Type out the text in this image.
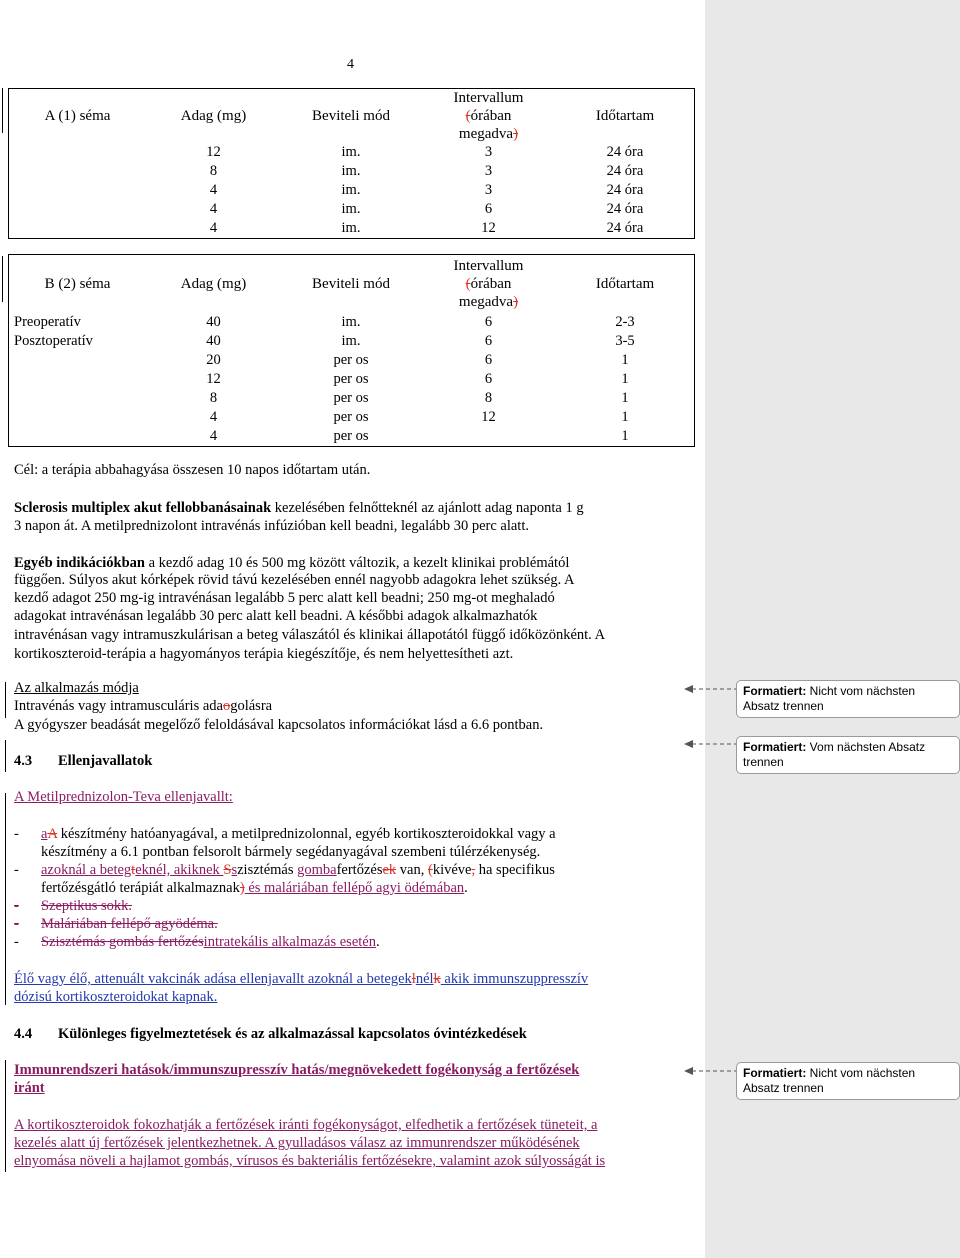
4
A (1) séma	Adag (mg)	Beviteli mód	Intervallum
(órában
megadva)	Időtartam
	12	im.	3	24 óra
	8	im.	3	24 óra
	4	im.	3	24 óra
	4	im.	6	24 óra
	4	im.	12	24 óra
B (2) séma	Adag (mg)	Beviteli mód	Intervallum
(órában
megadva)	Időtartam
Preoperatív	40	im.	6	2-3
Posztoperatív	40	im.	6	3-5
	20	per os	6	1
	12	per os	6	1
	8	per os	8	1
	4	per os	12	1
	4	per os		1
Cél: a terápia abbahagyása összesen 10 napos időtartam után.
Sclerosis multiplex akut fellobbanásainak kezelésében felnőtteknél az ajánlott adag naponta 1 g
3 napon át. A metilprednizolont intravénás infúzióban kell beadni, legalább 30 perc alatt.
Egyéb indikációkban a kezdő adag 10 és 500 mg között változik, a kezelt klinikai problémától
függően. Súlyos akut kórképek rövid távú kezelésében ennél nagyobb adagokra lehet szükség. A
kezdő adagot 250 mg-ig intravénásan legalább 5 perc alatt kell beadni; 250 mg-ot meghaladó
adagokat intravénásan legalább 30 perc alatt kell beadni. A későbbi adagok alkalmazhatók
intravénásan vagy intramuszkulárisan a beteg válaszától és klinikai állapotától függő időközönként. A
kortikoszteroid-terápia a hagyományos terápia kiegészítője, és nem helyettesítheti azt.
Az alkalmazás módja
Intravénás vagy intramusculáris adaogolásra
A gyógyszer beadását megelőző feloldásával kapcsolatos információkat lásd a 6.6 pontban.
4.3 Ellenjavallatok
A Metilprednizolon-Teva ellenjavallt:
- aA készítmény hatóanyagával, a metilprednizolonnal, egyéb kortikoszteroidokkal vagy a
készítmény a 6.1 pontban felsorolt bármely segédanyagával szembeni túlérzékenység.
- azoknál a betegteknél, akiknek Sszisztémás gombafertőzések van, (kivéve, ha specifikus
fertőzésgátló terápiát alkalmaznak) és maláriában fellépő agyi ödémában.
- Szeptikus sokk.
- Maláriában fellépő agyödéma.
- Szisztémás gombás fertőzésintratekális alkalmazás esetén.
Élő vagy élő, attenuált vakcinák adása ellenjavallt azoknál a betegeklnélk akik immunszuppresszív
dózisú kortikoszteroidokat kapnak.
4.4 Különleges figyelmeztetések és az alkalmazással kapcsolatos óvintézkedések
Immunrendszeri hatások/immunszupresszív hatás/megnövekedett fogékonyság a fertőzések
iránt
A kortikoszteroidok fokozhatják a fertőzések iránti fogékonyságot, elfedhetik a fertőzések tüneteit, a
kezelés alatt új fertőzések jelentkezhetnek. A gyulladásos válasz az immunrendszer működésének
elnyomása növeli a hajlamot gombás, vírusos és bakteriális fertőzésekre, valamint azok súlyosságát is
Formatiert: Nicht vom nächsten Absatz trennen
Formatiert: Vom nächsten Absatz trennen
Formatiert: Nicht vom nächsten Absatz trennen
